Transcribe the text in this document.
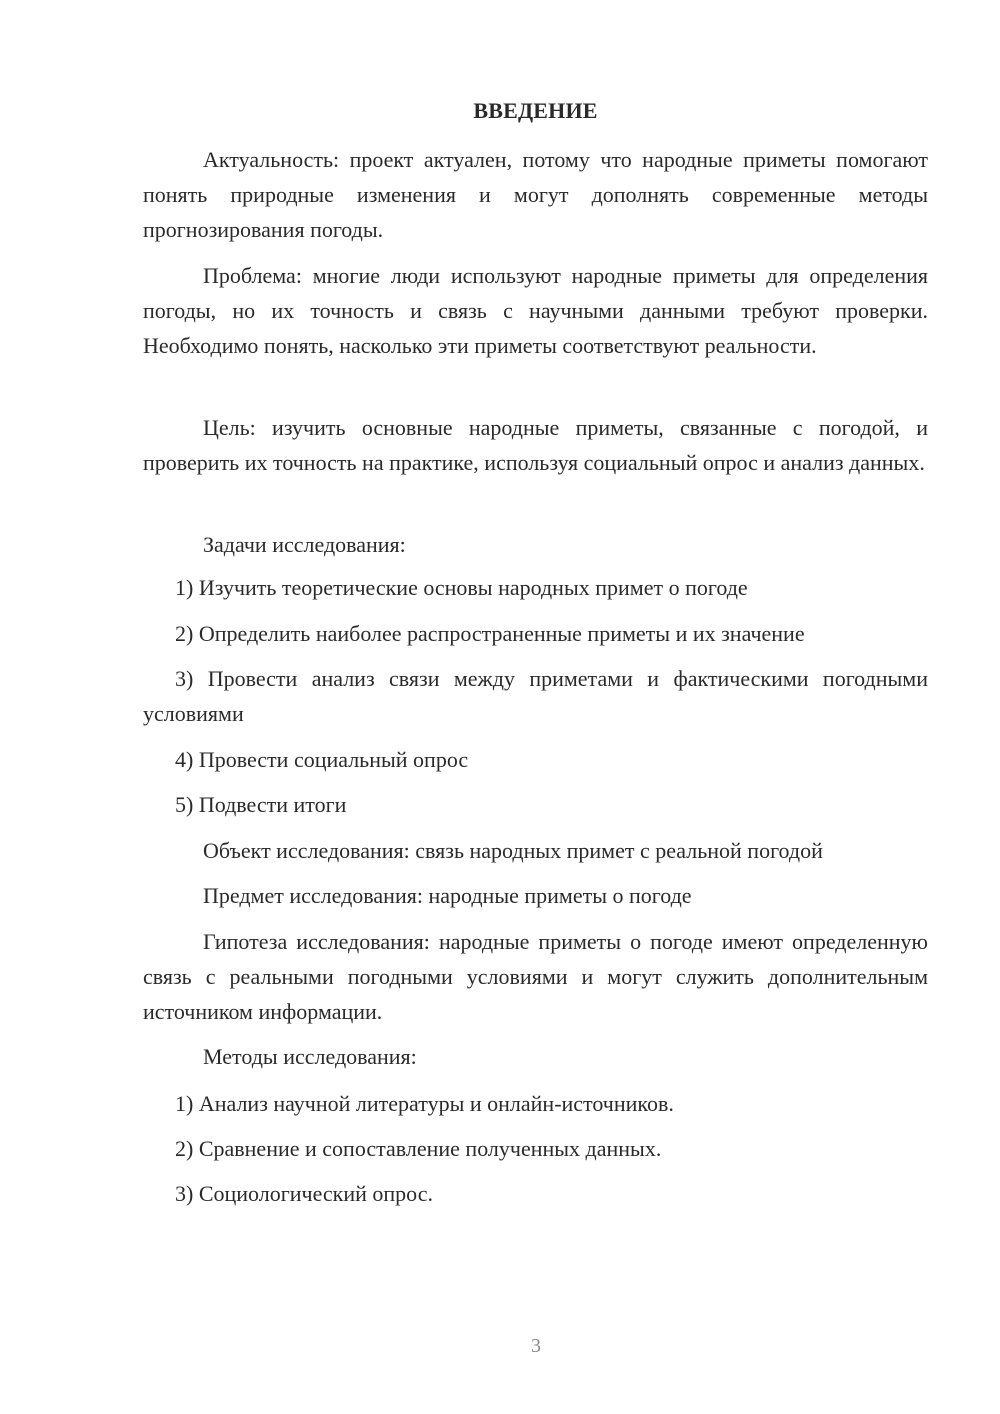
ВВЕДЕНИЕ
Актуальность: проект актуален, потому что народные приметы помогают понять природные изменения и могут дополнять современные методы прогнозирования погоды.
Проблема: многие люди используют народные приметы для определения погоды, но их точность и связь с научными данными требуют проверки. Необходимо понять, насколько эти приметы соответствуют реальности.
Цель: изучить основные народные приметы, связанные с погодой, и проверить их точность на практике, используя социальный опрос и анализ данных.
Задачи исследования:
1) Изучить теоретические основы народных примет о погоде
2) Определить наиболее распространенные приметы и их значение
3) Провести анализ связи между приметами и фактическими погодными условиями
4) Провести социальный опрос
5) Подвести итоги
Объект исследования: связь народных примет с реальной погодой
Предмет исследования: народные приметы о погоде
Гипотеза исследования: народные приметы о погоде имеют определенную связь с реальными погодными условиями и могут служить дополнительным источником информации.
Методы исследования:
1) Анализ научной литературы и онлайн-источников.
2) Сравнение и сопоставление полученных данных.
3) Социологический опрос.
3
